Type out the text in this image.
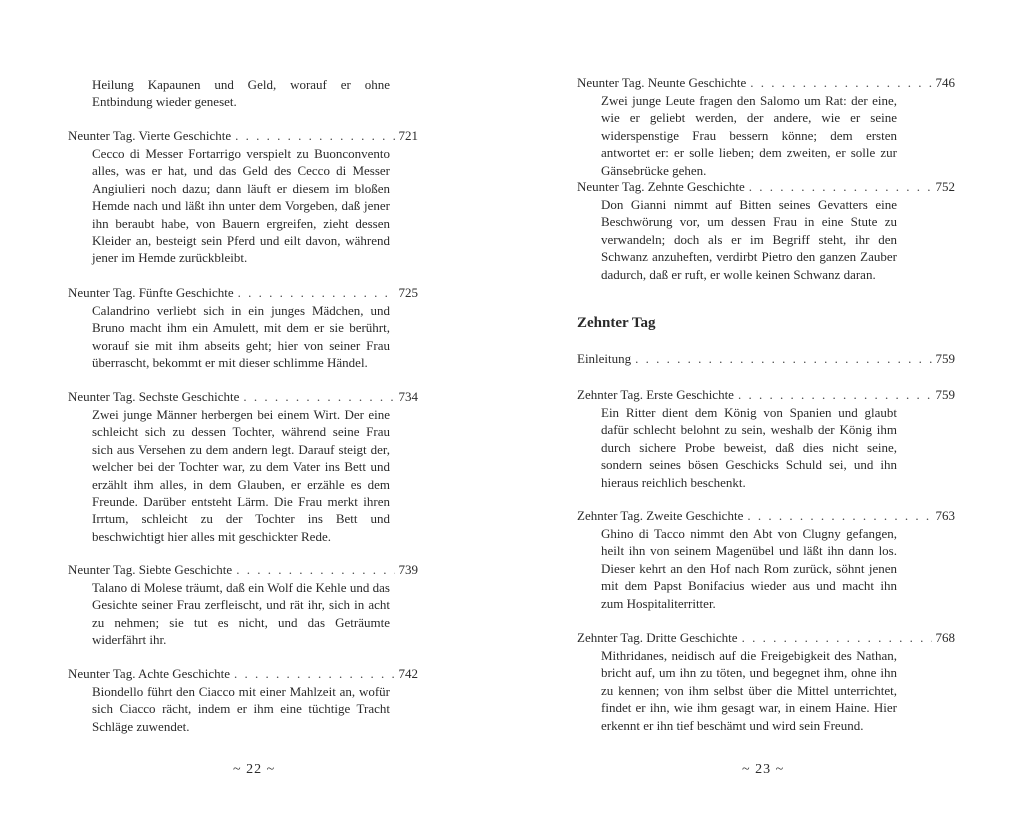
Heilung Kapaunen und Geld, worauf er ohne Entbindung wieder geneset.
Neunter Tag. Vierte Geschichte . . .	721
Cecco di Messer Fortarrigo verspielt zu Buonconvento alles, was er hat, und das Geld des Cecco di Messer Angiulieri noch dazu; dann läuft er diesem im bloßen Hemde nach und läßt ihn unter dem Vorgeben, daß jener ihn beraubt habe, von Bauern ergreifen, zieht dessen Kleider an, besteigt sein Pferd und eilt davon, während jener im Hemde zurückbleibt.
Neunter Tag. Fünfte Geschichte . . .	725
Calandrino verliebt sich in ein junges Mädchen, und Bruno macht ihm ein Amulett, mit dem er sie berührt, worauf sie mit ihm abseits geht; hier von seiner Frau überrascht, bekommt er mit dieser schlimme Händel.
Neunter Tag. Sechste Geschichte . . .	734
Zwei junge Männer herbergen bei einem Wirt. Der eine schleicht sich zu dessen Tochter, während seine Frau sich aus Versehen zu dem andern legt. Darauf steigt der, welcher bei der Tochter war, zu dem Vater ins Bett und erzählt ihm alles, in dem Glauben, er erzähle es dem Freunde. Darüber entsteht Lärm. Die Frau merkt ihren Irrtum, schleicht zu der Tochter ins Bett und beschwichtigt hier alles mit geschickter Rede.
Neunter Tag. Siebte Geschichte . . .	739
Talano di Molese träumt, daß ein Wolf die Kehle und das Gesichte seiner Frau zerfleischt, und rät ihr, sich in acht zu nehmen; sie tut es nicht, und das Geträumte widerfährt ihr.
Neunter Tag. Achte Geschichte . . .	742
Biondello führt den Ciacco mit einer Mahlzeit an, wofür sich Ciacco rächt, indem er ihm eine tüchtige Tracht Schläge zuwendet.
~ 22 ~
Neunter Tag. Neunte Geschichte . . .	746
Zwei junge Leute fragen den Salomo um Rat: der eine, wie er geliebt werden, der andere, wie er seine widerspenstige Frau bessern könne; dem ersten antwortet er: er solle lieben; dem zweiten, er solle zur Gänsebrücke gehen.
Neunter Tag. Zehnte Geschichte . . .	752
Don Gianni nimmt auf Bitten seines Gevatters eine Beschwörung vor, um dessen Frau in eine Stute zu verwandeln; doch als er im Begriff steht, ihr den Schwanz anzuheften, verdirbt Pietro den ganzen Zauber dadurch, daß er ruft, er wolle keinen Schwanz daran.
Zehnter Tag
Einleitung . . .	759
Zehnter Tag. Erste Geschichte . . .	759
Ein Ritter dient dem König von Spanien und glaubt dafür schlecht belohnt zu sein, weshalb der König ihm durch sichere Probe beweist, daß dies nicht seine, sondern seines bösen Geschicks Schuld sei, und ihn hieraus reichlich beschenkt.
Zehnter Tag. Zweite Geschichte . . .	763
Ghino di Tacco nimmt den Abt von Clugny gefangen, heilt ihn von seinem Magenübel und läßt ihn dann los. Dieser kehrt an den Hof nach Rom zurück, söhnt jenen mit dem Papst Bonifacius wieder aus und macht ihn zum Hospitaliterritter.
Zehnter Tag. Dritte Geschichte . . .	768
Mithridanes, neidisch auf die Freigebigkeit des Nathan, bricht auf, um ihn zu töten, und begegnet ihm, ohne ihn zu kennen; von ihm selbst über die Mittel unterrichtet, findet er ihn, wie ihm gesagt war, in einem Haine. Hier erkennt er ihn tief beschämt und wird sein Freund.
~ 23 ~
